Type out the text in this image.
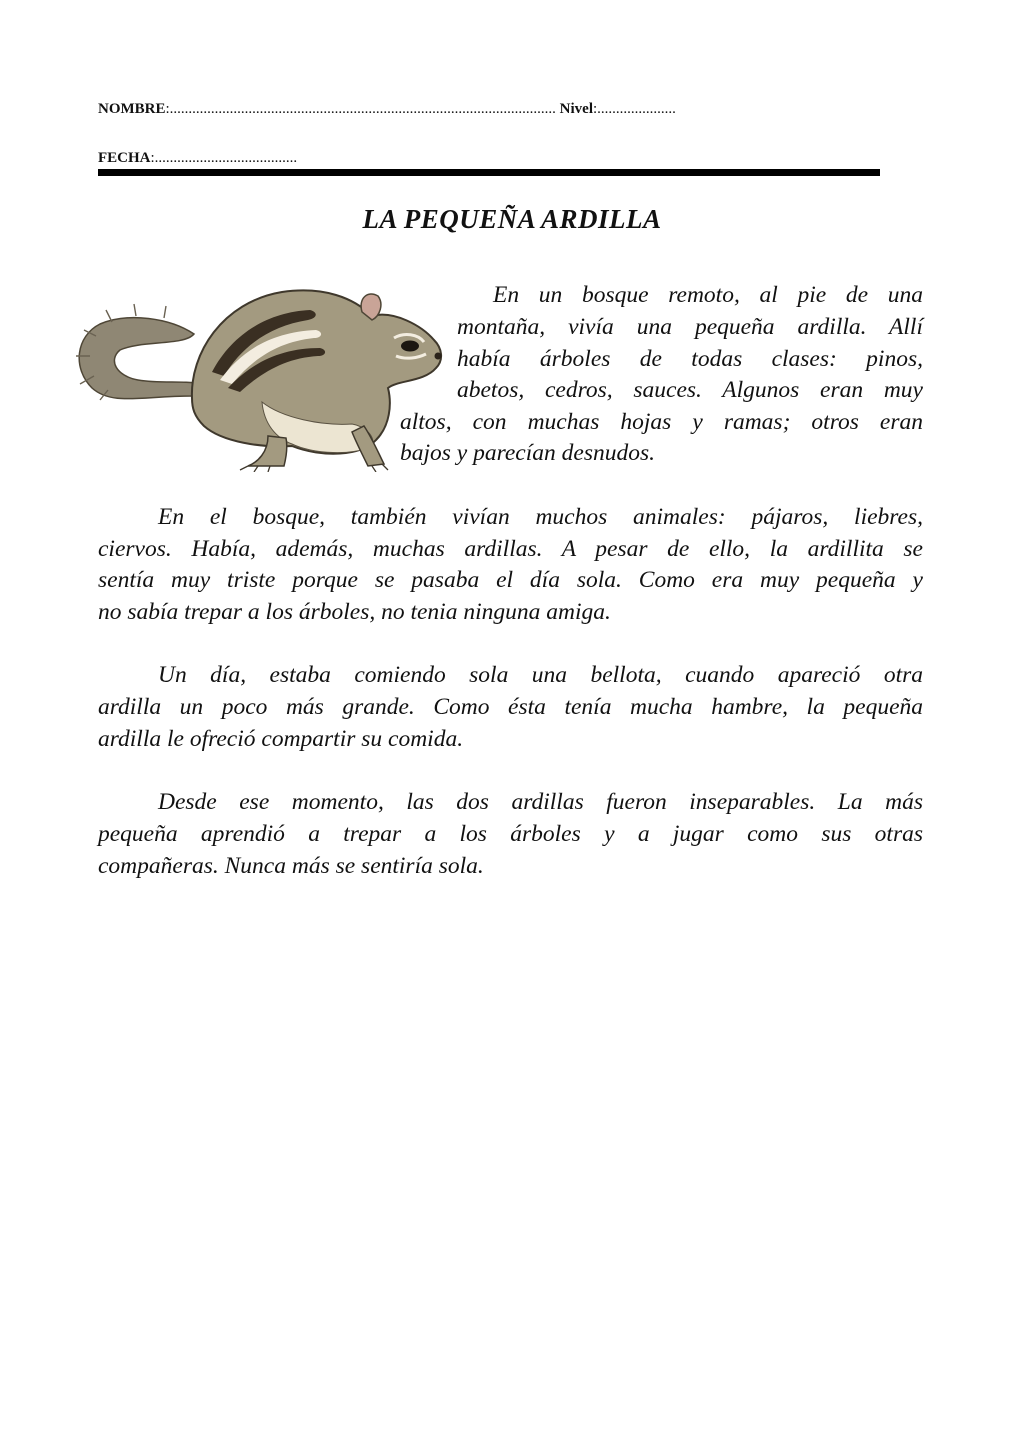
NOMBRE:....................................................................................................... Nivel:.....................
FECHA:......................................
LA PEQUEÑA ARDILLA
En un bosque remoto, al pie de una
montaña, vivía una pequeña ardilla. Allí
había árboles de todas clases: pinos,
abetos, cedros, sauces. Algunos eran muy
altos, con muchas hojas y ramas; otros eran
bajos y parecían desnudos.
En el bosque, también vivían muchos animales: pájaros, liebres,
ciervos. Había, además, muchas ardillas. A pesar de ello, la ardillita se
sentía muy triste porque se pasaba el día sola. Como era muy pequeña y
no sabía trepar a los árboles, no tenia ninguna amiga.
Un día, estaba comiendo sola una bellota, cuando apareció otra
ardilla un poco más grande. Como ésta tenía mucha hambre, la pequeña
ardilla le ofreció compartir su comida.
Desde ese momento, las dos ardillas fueron inseparables. La más
pequeña aprendió a trepar a los árboles y a jugar como sus otras
compañeras. Nunca más se sentiría sola.
